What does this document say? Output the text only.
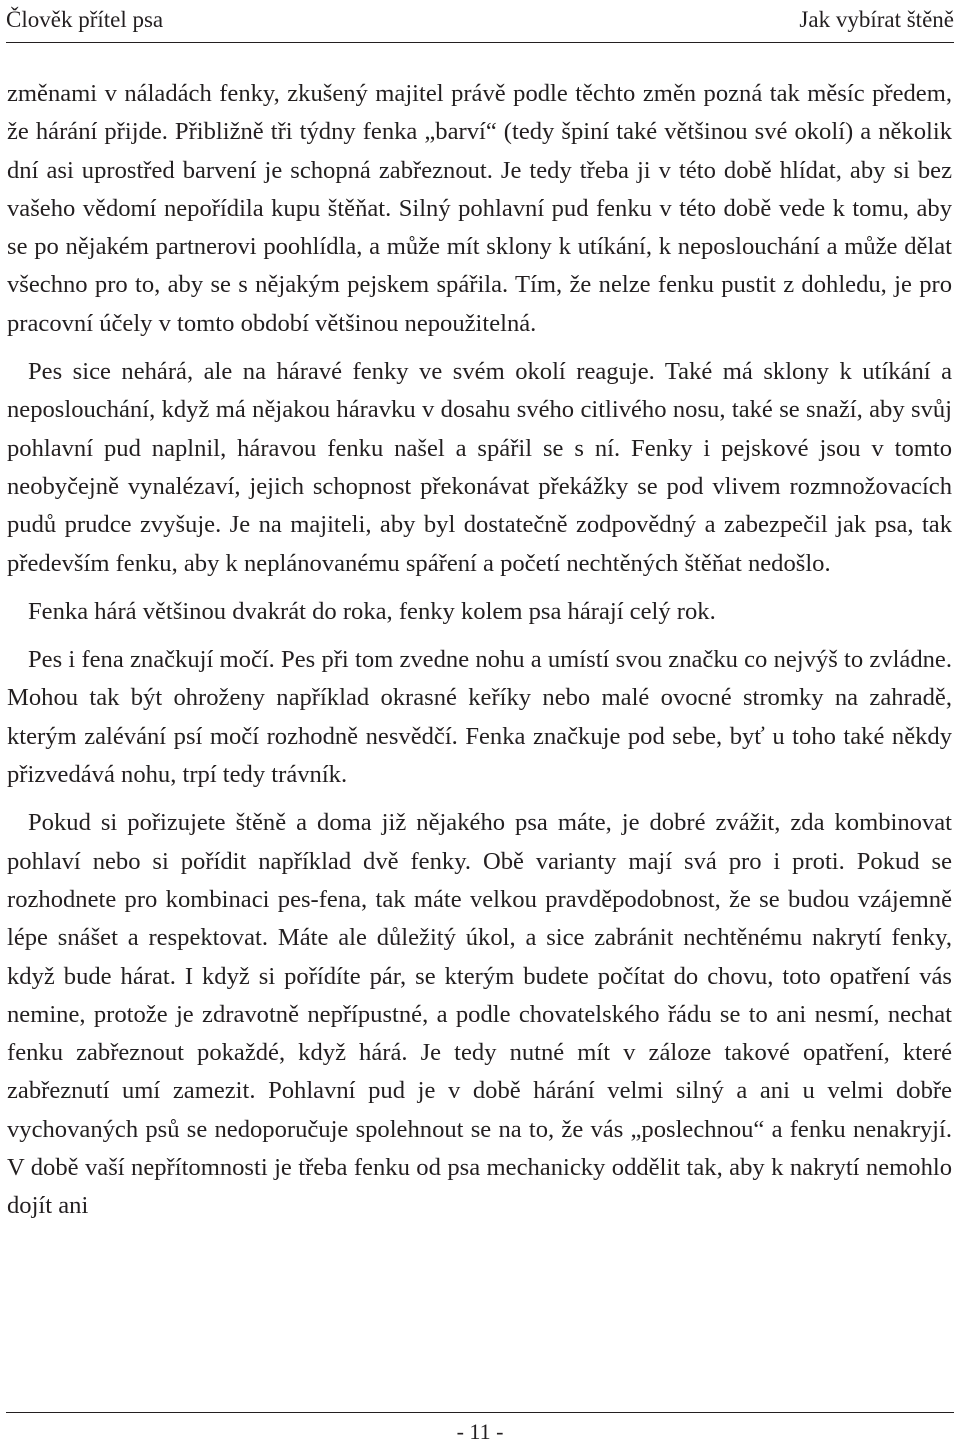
Člověk přítel psa	Jak vybírat štěně

změnami v náladách fenky, zkušený majitel právě podle těchto změn pozná tak měsíc předem, že hárání přijde. Přibližně tři týdny fenka „barví“ (tedy špiní také většinou své okolí) a několik dní asi uprostřed barvení je schopná zabřeznout. Je tedy třeba ji v této době hlídat, aby si bez vašeho vědomí nepořídila kupu štěňat. Silný pohlavní pud fenku v této době vede k tomu, aby se po nějakém partnerovi poohlídla, a může mít sklony k utíkání, k neposlouchání a může dělat všechno pro to, aby se s nějakým pejskem spářila. Tím, že nelze fenku pustit z dohledu, je pro pracovní účely v tomto období většinou nepoužitelná.

Pes sice nehárá, ale na háravé fenky ve svém okolí reaguje. Také má sklony k utíkání a neposlouchání, když má nějakou háravku v dosahu svého citlivého nosu, také se snaží, aby svůj pohlavní pud naplnil, háravou fenku našel a spářil se s ní. Fenky i pejskové jsou v tomto neobyčejně vynalézaví, jejich schopnost překonávat překážky se pod vlivem rozmnožovacích pudů prudce zvyšuje. Je na majiteli, aby byl dostatečně zodpovědný a zabezpečil jak psa, tak především fenku, aby k neplánovanému spáření a početí nechtěných štěňat nedošlo.

Fenka hárá většinou dvakrát do roka, fenky kolem psa hárají celý rok.

Pes i fena značkují močí. Pes při tom zvedne nohu a umístí svou značku co nejvýš to zvládne. Mohou tak být ohroženy například okrasné keříky nebo malé ovocné stromky na zahradě, kterým zalévání psí močí rozhodně nesvědčí. Fenka značkuje pod sebe, byť u toho také někdy přizvedává nohu, trpí tedy trávník.

Pokud si pořizujete štěně a doma již nějakého psa máte, je dobré zvážit, zda kombinovat pohlaví nebo si pořídit například dvě fenky. Obě varianty mají svá pro i proti. Pokud se rozhodnete pro kombinaci pes-fena, tak máte velkou pravděpodobnost, že se budou vzájemně lépe snášet a respektovat. Máte ale důležitý úkol, a sice zabránit nechtěnému nakrytí fenky, když bude hárat. I když si pořídíte pár, se kterým budete počítat do chovu, toto opatření vás nemine, protože je zdravotně nepřípustné, a podle chovatelského řádu se to ani nesmí, nechat fenku zabřeznout pokaždé, když hárá. Je tedy nutné mít v záloze takové opatření, které zabřeznutí umí zamezit. Pohlavní pud je v době hárání velmi silný a ani u velmi dobře vychovaných psů se nedoporučuje spolehnout se na to, že vás „poslechnou“ a fenku nenakryjí. V době vaší nepřítomnosti je třeba fenku od psa mechanicky oddělit tak, aby k nakrytí nemohlo dojít ani

- 11 -
